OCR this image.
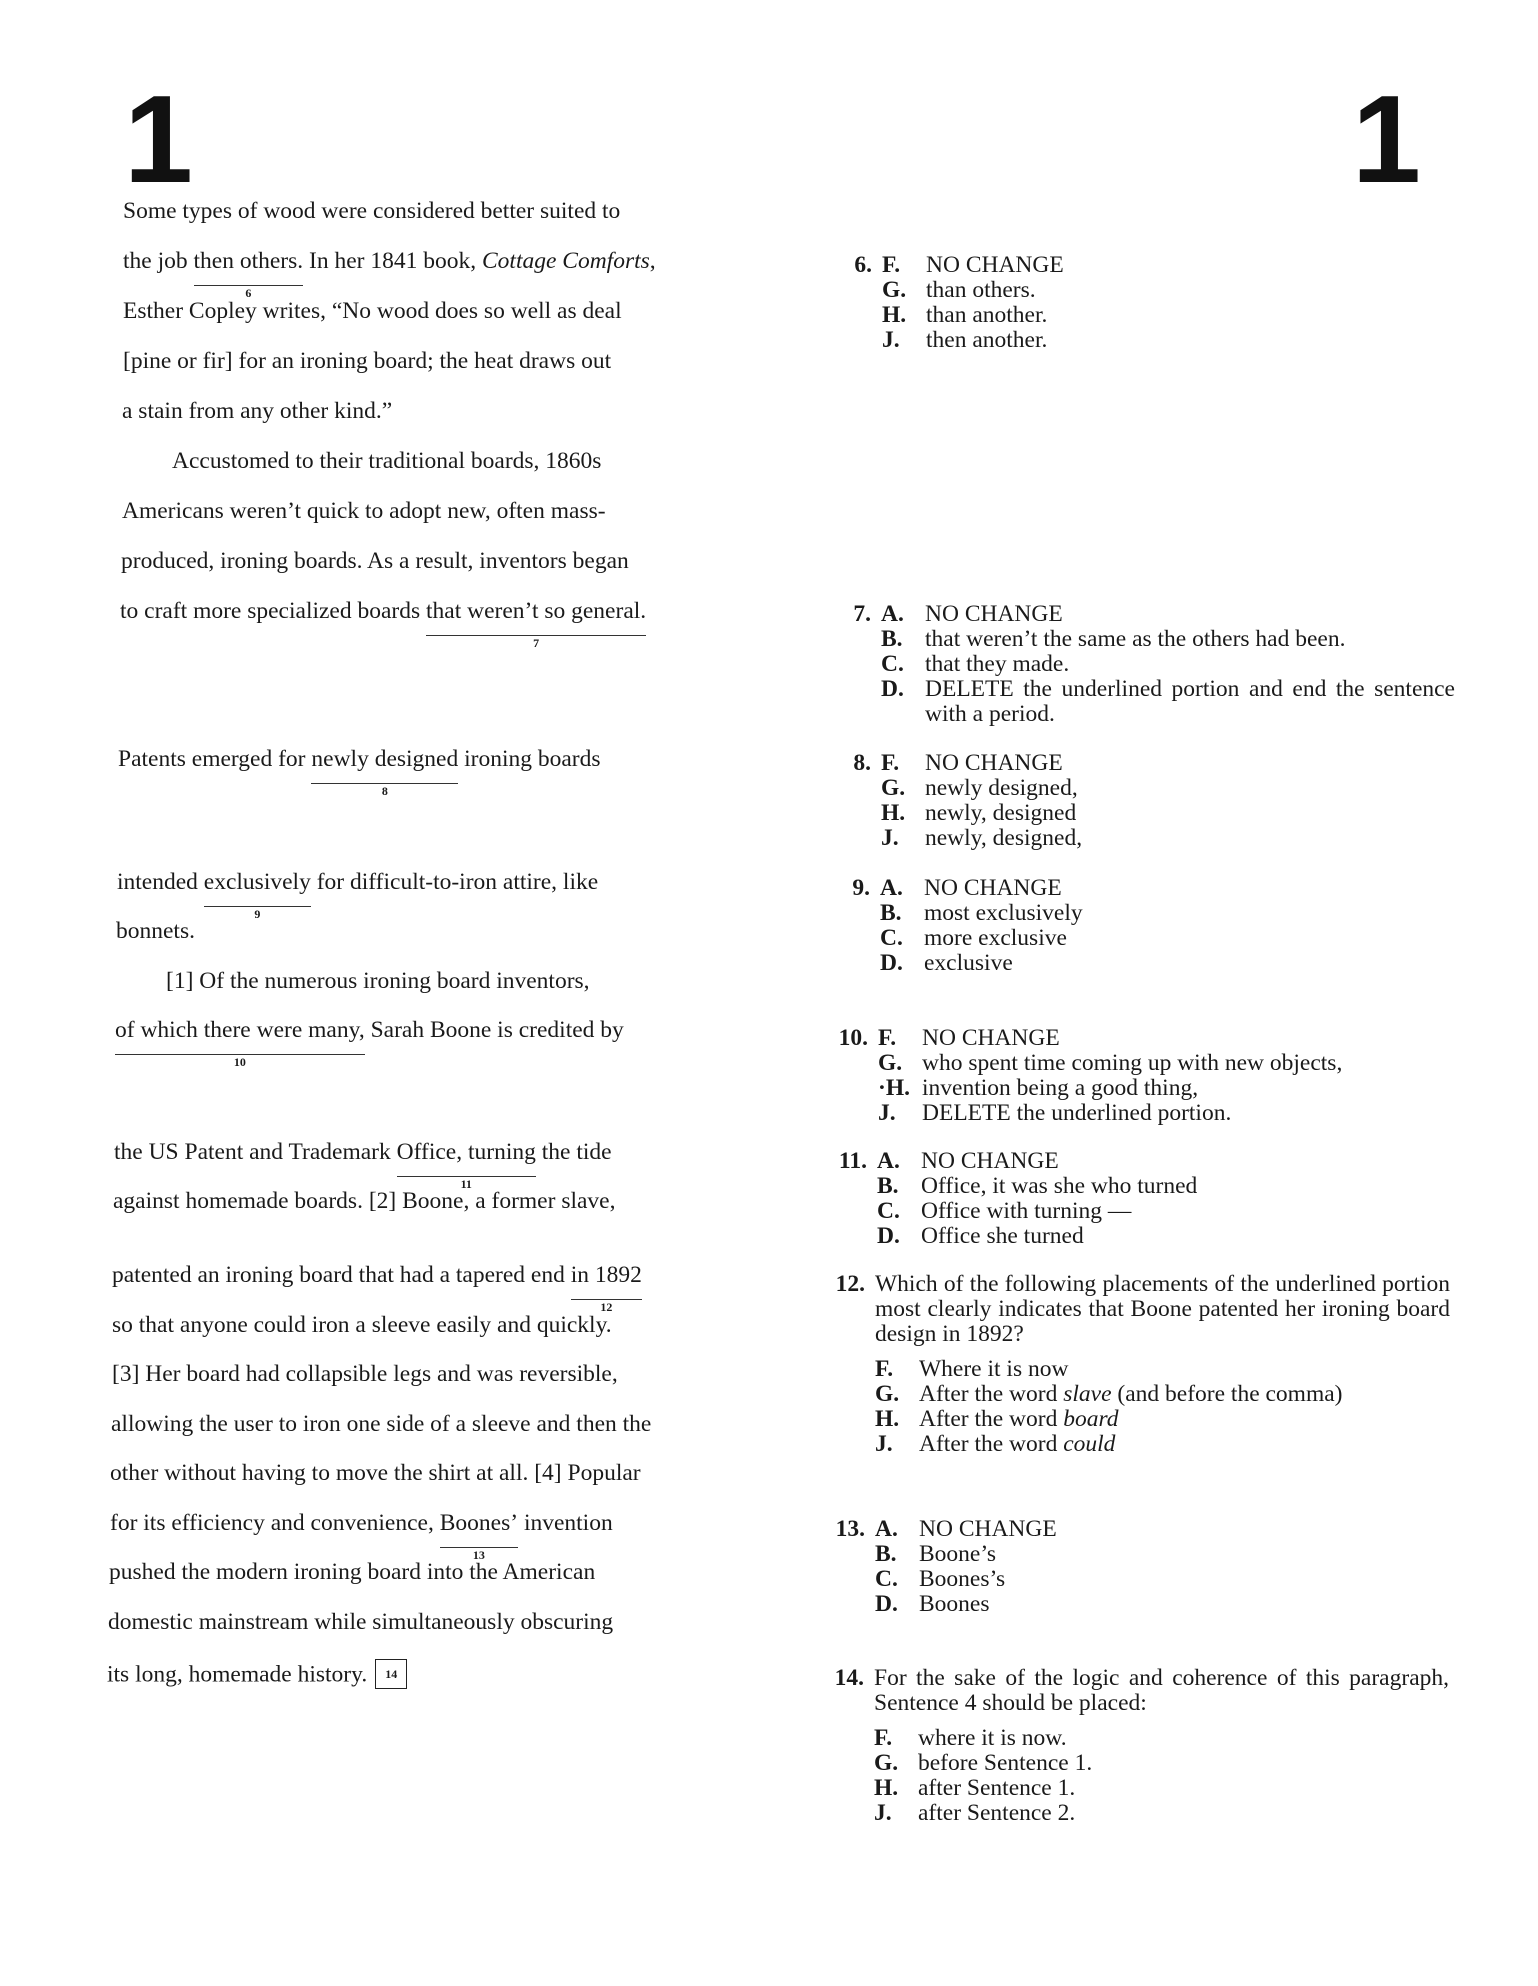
1	1
Some types of wood were considered better suited to
the job then others.
6
In her 1841 book, Cottage Comforts,
Esther Copley writes, “No wood does so well as deal
[pine or fir] for an ironing board; the heat draws out
a stain from any other kind.”
Accustomed to their traditional boards, 1860s
Americans weren’t quick to adopt new, often mass-
produced, ironing boards. As a result, inventors began
to craft more specialized boards that weren’t so general.
7
Patents emerged for newly designed
8
ironing boards
intended exclusively
9
for difficult-to-iron attire, like
bonnets.
[1] Of the numerous ironing board inventors,
of which there were many,
10
Sarah Boone is credited by
the US Patent and Trademark Office, turning
11
the tide
against homemade boards. [2] Boone, a former slave,
patented an ironing board that had a tapered end in 1892
12
so that anyone could iron a sleeve easily and quickly.
[3] Her board had collapsible legs and was reversible,
allowing the user to iron one side of a sleeve and then the
other without having to move the shirt at all. [4] Popular
for its efficiency and convenience, Boones’
13
invention
pushed the modern ironing board into the American
domestic mainstream while simultaneously obscuring
its long, homemade history. 14
6. F. NO CHANGE
G. than others.
H. than another.
J. then another.
7. A. NO CHANGE
B. that weren’t the same as the others had been.
C. that they made.
D. DELETE the underlined portion and end the sentence with a period.
8. F. NO CHANGE
G. newly designed,
H. newly, designed
J. newly, designed,
9. A. NO CHANGE
B. most exclusively
C. more exclusive
D. exclusive
10. F. NO CHANGE
G. who spent time coming up with new objects,
·H. invention being a good thing,
J. DELETE the underlined portion.
11. A. NO CHANGE
B. Office, it was she who turned
C. Office with turning —
D. Office she turned
12. Which of the following placements of the underlined portion most clearly indicates that Boone patented her ironing board design in 1892?
F. Where it is now
G. After the word slave (and before the comma)
H. After the word board
J. After the word could
13. A. NO CHANGE
B. Boone’s
C. Boones’s
D. Boones
14. For the sake of the logic and coherence of this paragraph, Sentence 4 should be placed:
F. where it is now.
G. before Sentence 1.
H. after Sentence 1.
J. after Sentence 2.
